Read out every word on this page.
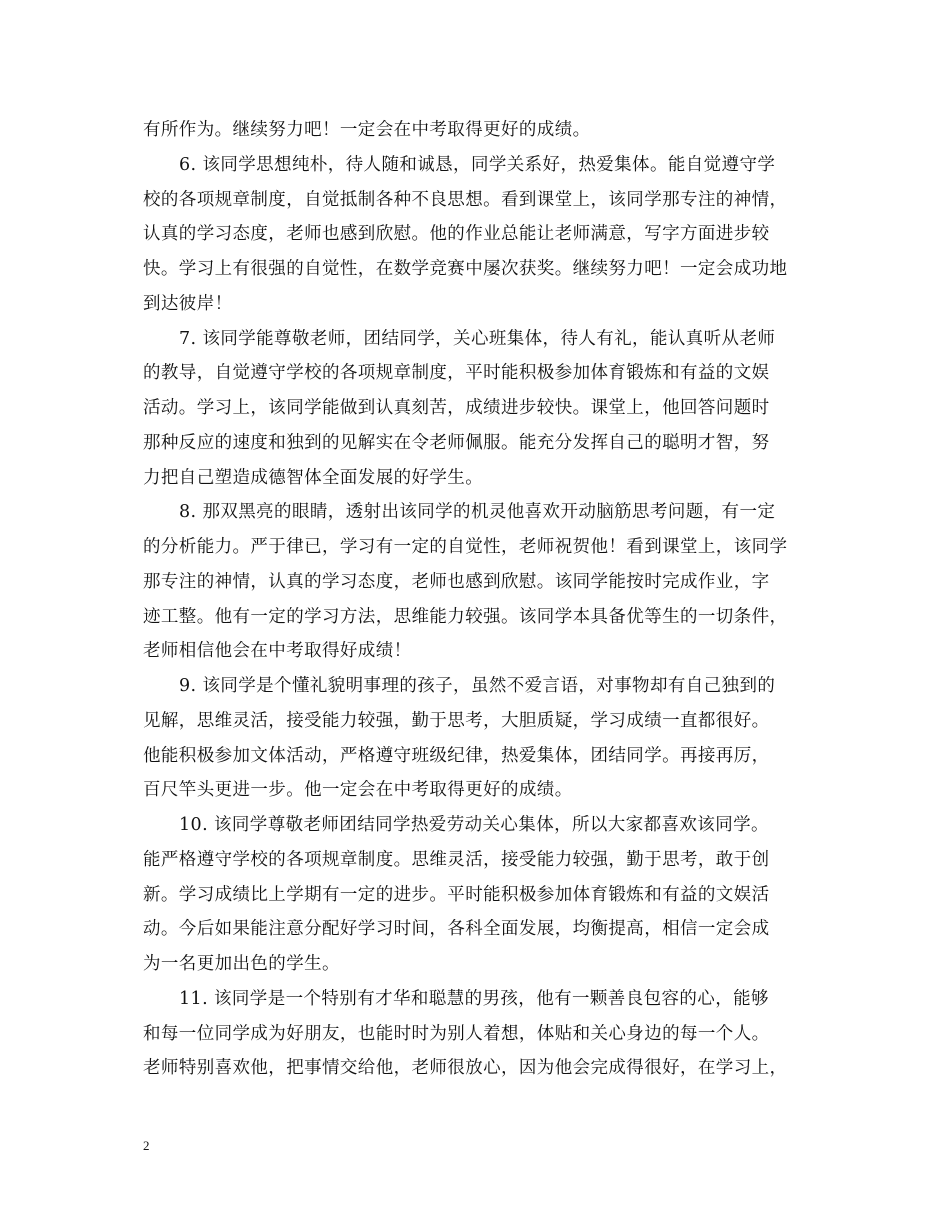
有所作为。继续努力吧！一定会在中考取得更好的成绩。
6. 该同学思想纯朴，待人随和诚恳，同学关系好，热爱集体。能自觉遵守学
校的各项规章制度，自觉抵制各种不良思想。看到课堂上，该同学那专注的神情，
认真的学习态度，老师也感到欣慰。他的作业总能让老师满意，写字方面进步较
快。学习上有很强的自觉性，在数学竞赛中屡次获奖。继续努力吧！一定会成功地
到达彼岸！
7. 该同学能尊敬老师，团结同学，关心班集体，待人有礼，能认真听从老师
的教导，自觉遵守学校的各项规章制度，平时能积极参加体育锻炼和有益的文娱
活动。学习上，该同学能做到认真刻苦，成绩进步较快。课堂上，他回答问题时
那种反应的速度和独到的见解实在令老师佩服。能充分发挥自己的聪明才智，努
力把自己塑造成德智体全面发展的好学生。
8. 那双黑亮的眼睛，透射出该同学的机灵他喜欢开动脑筋思考问题，有一定
的分析能力。严于律已，学习有一定的自觉性，老师祝贺他！看到课堂上，该同学
那专注的神情，认真的学习态度，老师也感到欣慰。该同学能按时完成作业，字
迹工整。他有一定的学习方法，思维能力较强。该同学本具备优等生的一切条件，
老师相信他会在中考取得好成绩！
9. 该同学是个懂礼貌明事理的孩子，虽然不爱言语，对事物却有自己独到的
见解，思维灵活，接受能力较强，勤于思考，大胆质疑，学习成绩一直都很好。
他能积极参加文体活动，严格遵守班级纪律，热爱集体，团结同学。再接再厉，
百尺竿头更进一步。他一定会在中考取得更好的成绩。
10. 该同学尊敬老师团结同学热爱劳动关心集体，所以大家都喜欢该同学。
能严格遵守学校的各项规章制度。思维灵活，接受能力较强，勤于思考，敢于创
新。学习成绩比上学期有一定的进步。平时能积极参加体育锻炼和有益的文娱活
动。今后如果能注意分配好学习时间，各科全面发展，均衡提高，相信一定会成
为一名更加出色的学生。
11. 该同学是一个特别有才华和聪慧的男孩，他有一颗善良包容的心，能够
和每一位同学成为好朋友，也能时时为别人着想，体贴和关心身边的每一个人。
老师特别喜欢他，把事情交给他，老师很放心，因为他会完成得很好，在学习上，
2
